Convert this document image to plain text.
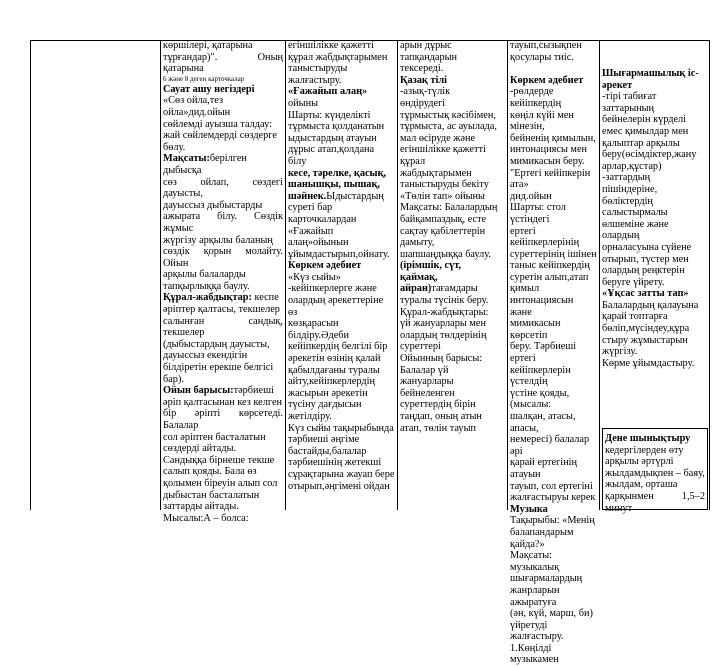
көршілері, қатарына

тұрғандар)". Оның қатарына

6 және 8 деген карточкалар

Сауат ашу негіздері

«Сөз ойла,тез

ойла»дид.ойын

сөйлемді ауызша талдау:

жай сөйлемдерді сөздерге

бөлу.

Мақсаты:берілген дыбысқа

сөз ойлап, сөздегі дауысты,

дауыссыз дыбыстарды

ажырата білу. Сөздік жұмыс

жүргізу арқылы баланың

сөздік қорын молайту. Ойын

арқылы балаларды

тапқырлыққа баулу.

Құрал-жабдықтар: кеспе

әріптер қалтасы, текшелер

салынған сандық, текшелер

(дыбыстардың дауысты,

дауыссыз екендігін

білдіретін ерекше белгісі

бар).

Ойын барысы:тәрбиеші

әріп қалтасынан кез келген

бір әріпті көрсетеді. Балалар

сол әріптен басталатын

сөздерді айтады.

Сандыққа бірнеше текше

салып қояды. Бала өз

қолымен біреуін алып сол

дыбыстан басталатын

заттарды айтады.

Мысалы:А – болса:

егіншілікке қажетті

құрал жабдықтарымен

таныстыруды

жалғастыру.

«Ғажайып алаң» ойыны

Шарты: күнделікті

тұрмыста қолданатын

ыдыстардың атауын

дұрыс атап,қолдана білу

кесе, тәрелке, қасық,

шанышқы, пышақ,

шәйнек.Ыдыстардың

суреті бар

карточкалардан

«Ғажайып алаң»ойынын

ұйымдастырып,ойнату.

Көркем әдебиет

«Күз сыйы»

-кейіпкерлерге және

олардың әрекеттеріне өз

көзқарасын

білдіру.Әдеби

кейіпкердің белгілі бір

әрекетін өзінің қалай

қабылдағаны туралы

айту,кейіпкерлердің

жасырын әрекетін

түсіну дағдысын

жетілдіру.

Күз сыйы тақырыбында

тәрбиеші әңгіме

бастайды,балалар

тәрбиешінің жетекші

сұрақтарына жауап бере

отырып,әңгімені ойдан

арын дұрыс

тапқандарын

тексереді.

Қазақ тілі

-азық-түлік

өндірудегі

тұрмыстық кәсібімен,

тұрмыста, ас ауылада,

мал өсіруде және

егіншілікке қажетті

құрал

жабдықтарымен

таныстыруды бекіту

«Төлін тап» ойыны

Мақсаты: Балалардың

байқампаздық, есте

сақтау қабілеттерін

дамыту,

шапшаңдыққа баулу.

(ірімшік, сүт,

қаймақ,

айран)тағамдары

туралы түсінік беру.

Құрал-жабдықтары:

үй жануарлары мен

олардың төлдерінің

суреттері

Ойынның барысы:

Балалар үй

жануарлары

бейнеленген

суреттердің бірін

таңдап, оның атын

атап, төлін тауып

тауып,сызықпен

қосулары тиіс.

Көркем әдебиет

-рөлдерде кейіпкердің

көңіл күйі мен мінезін,

бейненің қимылын,

интонациясы мен

мимикасын беру.

"Ертегі кейіпкерін ата»

дид.ойын

Шарты: стол үстіндегі

ертегі кейіпкерлерінің

суреттерінің ішінен

таныс кейіпкердің

суретін алып,атап қимыл

интонациясын және

мимикасын көрсетіп

беру. Тәрбиеші ертегі

кейіпкерлерін үстелдің

үстіне қояды, (мысалы:

шалқан, атасы, апасы,

немересі) балалар әрі

қарай ертегінің атауын

тауып, сол ертегіні

жалғастыруы керек

Музыка

Тақырыбы: «Менің

балапандарым қайда?»

Мақсаты: музыкалық

шығармалардың

жанрларын ажыратуға

(ән, күй, марш, би)

үйретуді жалғастыру.

1.Көңілді музыкамен

Шығармашылық іс-

әрекет

-тірі табиғат

заттарының

бейнелерін күрделі

емес қимылдар мен

қалыптар арқылы

беру(өсімдіктер,жану

арлар,құстар)

-заттардың

пішіндеріне,

бөліктердің

салыстырмалы

өлшеміне және

олардың

орналасуына сүйене

отырып, түстер мен

олардың реңктерін

беруге үйрету.

«Ұқсас затты тап»

Балалардың қалауына

қарай топтарға

бөліп,мүсіндеу,құра

стыру жұмыстарын

жүргізу.

Көрме ұйымдастыру.

Дене шынықтыру

кедергілерден өту

арқылы әртүрлі

жылдамдықпен – баяу,

жылдам, орташа

қарқынмен 1,5–2 минут
